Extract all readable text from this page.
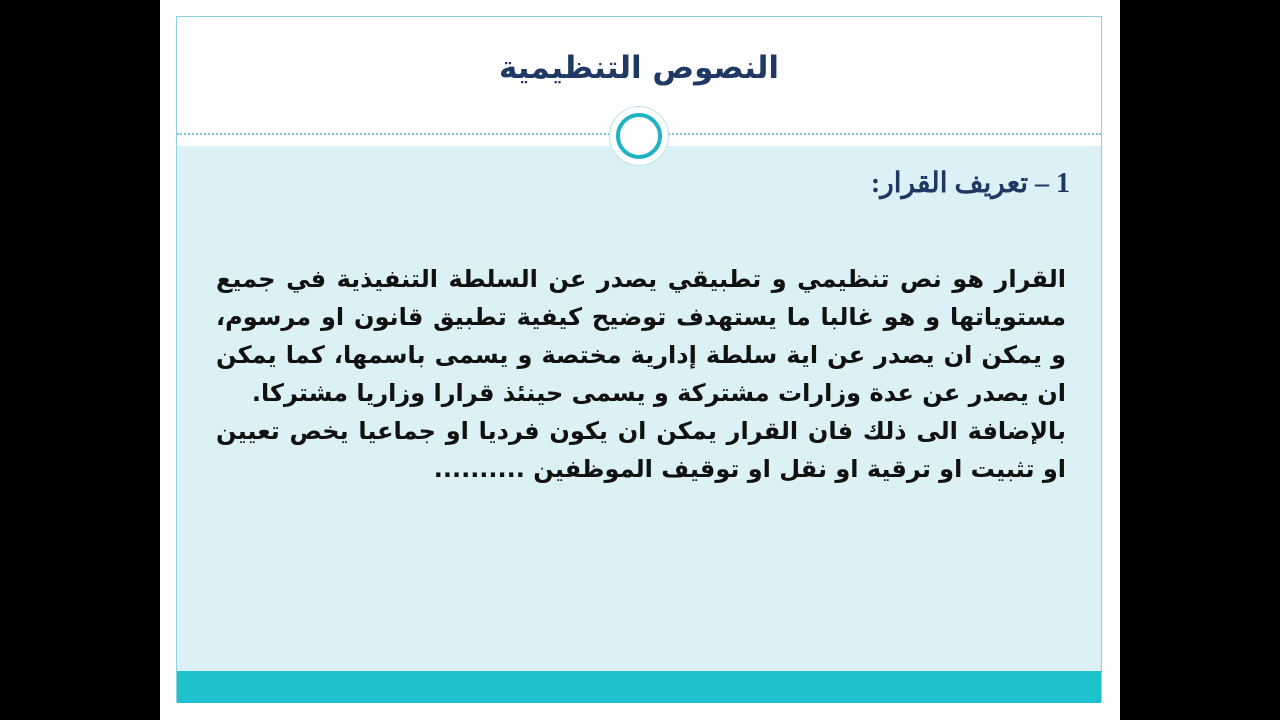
النصوص التنظيمية
1 – تعريف القرار:

القرار هو نص تنظيمي و تطبيقي يصدر عن السلطة التنفيذية في جميع مستوياتها و هو غالبا ما يستهدف توضيح كيفية تطبيق قانون او مرسوم، و يمكن ان يصدر عن اية سلطة إدارية مختصة و يسمى باسمها، كما يمكن ان يصدر عن عدة وزارات مشتركة و يسمى حينئذ قرارا وزاريا مشتركا.

بالإضافة الى ذلك فان القرار يمكن ان يكون فرديا او جماعيا يخص تعيين او تثبيت او ترقية او نقل او توقيف الموظفين ..........
